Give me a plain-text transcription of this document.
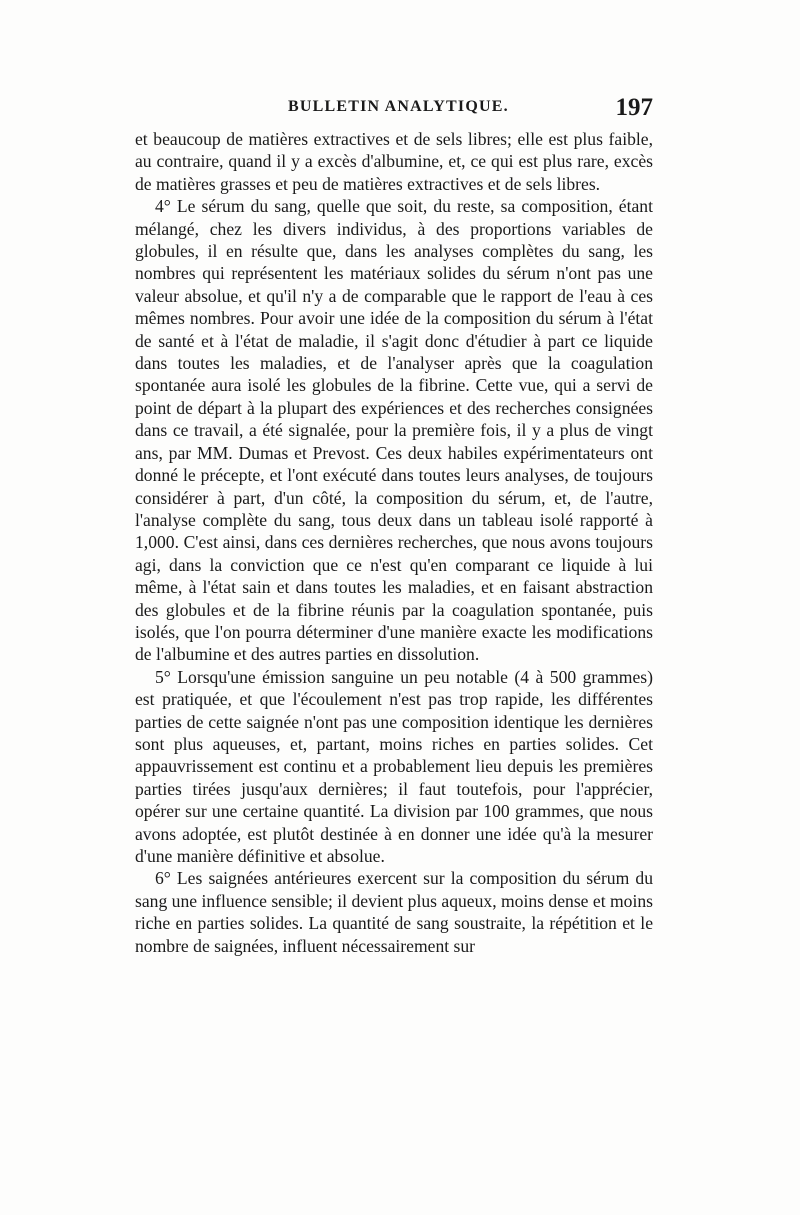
BULLETIN ANALYTIQUE.	197

et beaucoup de matières extractives et de sels libres; elle est plus faible, au contraire, quand il y a excès d'albumine, et, ce qui est plus rare, excès de matières grasses et peu de matières extractives et de sels libres.

4° Le sérum du sang, quelle que soit, du reste, sa composition, étant mélangé, chez les divers individus, à des proportions variables de globules, il en résulte que, dans les analyses complètes du sang, les nombres qui représentent les matériaux solides du sérum n'ont pas une valeur absolue, et qu'il n'y a de comparable que le rapport de l'eau à ces mêmes nombres. Pour avoir une idée de la composition du sérum à l'état de santé et à l'état de maladie, il s'agit donc d'étudier à part ce liquide dans toutes les maladies, et de l'analyser après que la coagulation spontanée aura isolé les globules de la fibrine. Cette vue, qui a servi de point de départ à la plupart des expériences et des recherches consignées dans ce travail, a été signalée, pour la première fois, il y a plus de vingt ans, par MM. Dumas et Prevost. Ces deux habiles expérimentateurs ont donné le précepte, et l'ont exécuté dans toutes leurs analyses, de toujours considérer à part, d'un côté, la composition du sérum, et, de l'autre, l'analyse complète du sang, tous deux dans un tableau isolé rapporté à 1,000. C'est ainsi, dans ces dernières recherches, que nous avons toujours agi, dans la conviction que ce n'est qu'en comparant ce liquide à lui même, à l'état sain et dans toutes les maladies, et en faisant abstraction des globules et de la fibrine réunis par la coagulation spontanée, puis isolés, que l'on pourra déterminer d'une manière exacte les modifications de l'albumine et des autres parties en dissolution.

5° Lorsqu'une émission sanguine un peu notable (4 à 500 grammes) est pratiquée, et que l'écoulement n'est pas trop rapide, les différentes parties de cette saignée n'ont pas une composition identique les dernières sont plus aqueuses, et, partant, moins riches en parties solides. Cet appauvrissement est continu et a probablement lieu depuis les premières parties tirées jusqu'aux dernières; il faut toutefois, pour l'apprécier, opérer sur une certaine quantité. La division par 100 grammes, que nous avons adoptée, est plutôt destinée à en donner une idée qu'à la mesurer d'une manière définitive et absolue.

6° Les saignées antérieures exercent sur la composition du sérum du sang une influence sensible; il devient plus aqueux, moins dense et moins riche en parties solides. La quantité de sang soustraite, la répétition et le nombre de saignées, influent nécessairement sur
